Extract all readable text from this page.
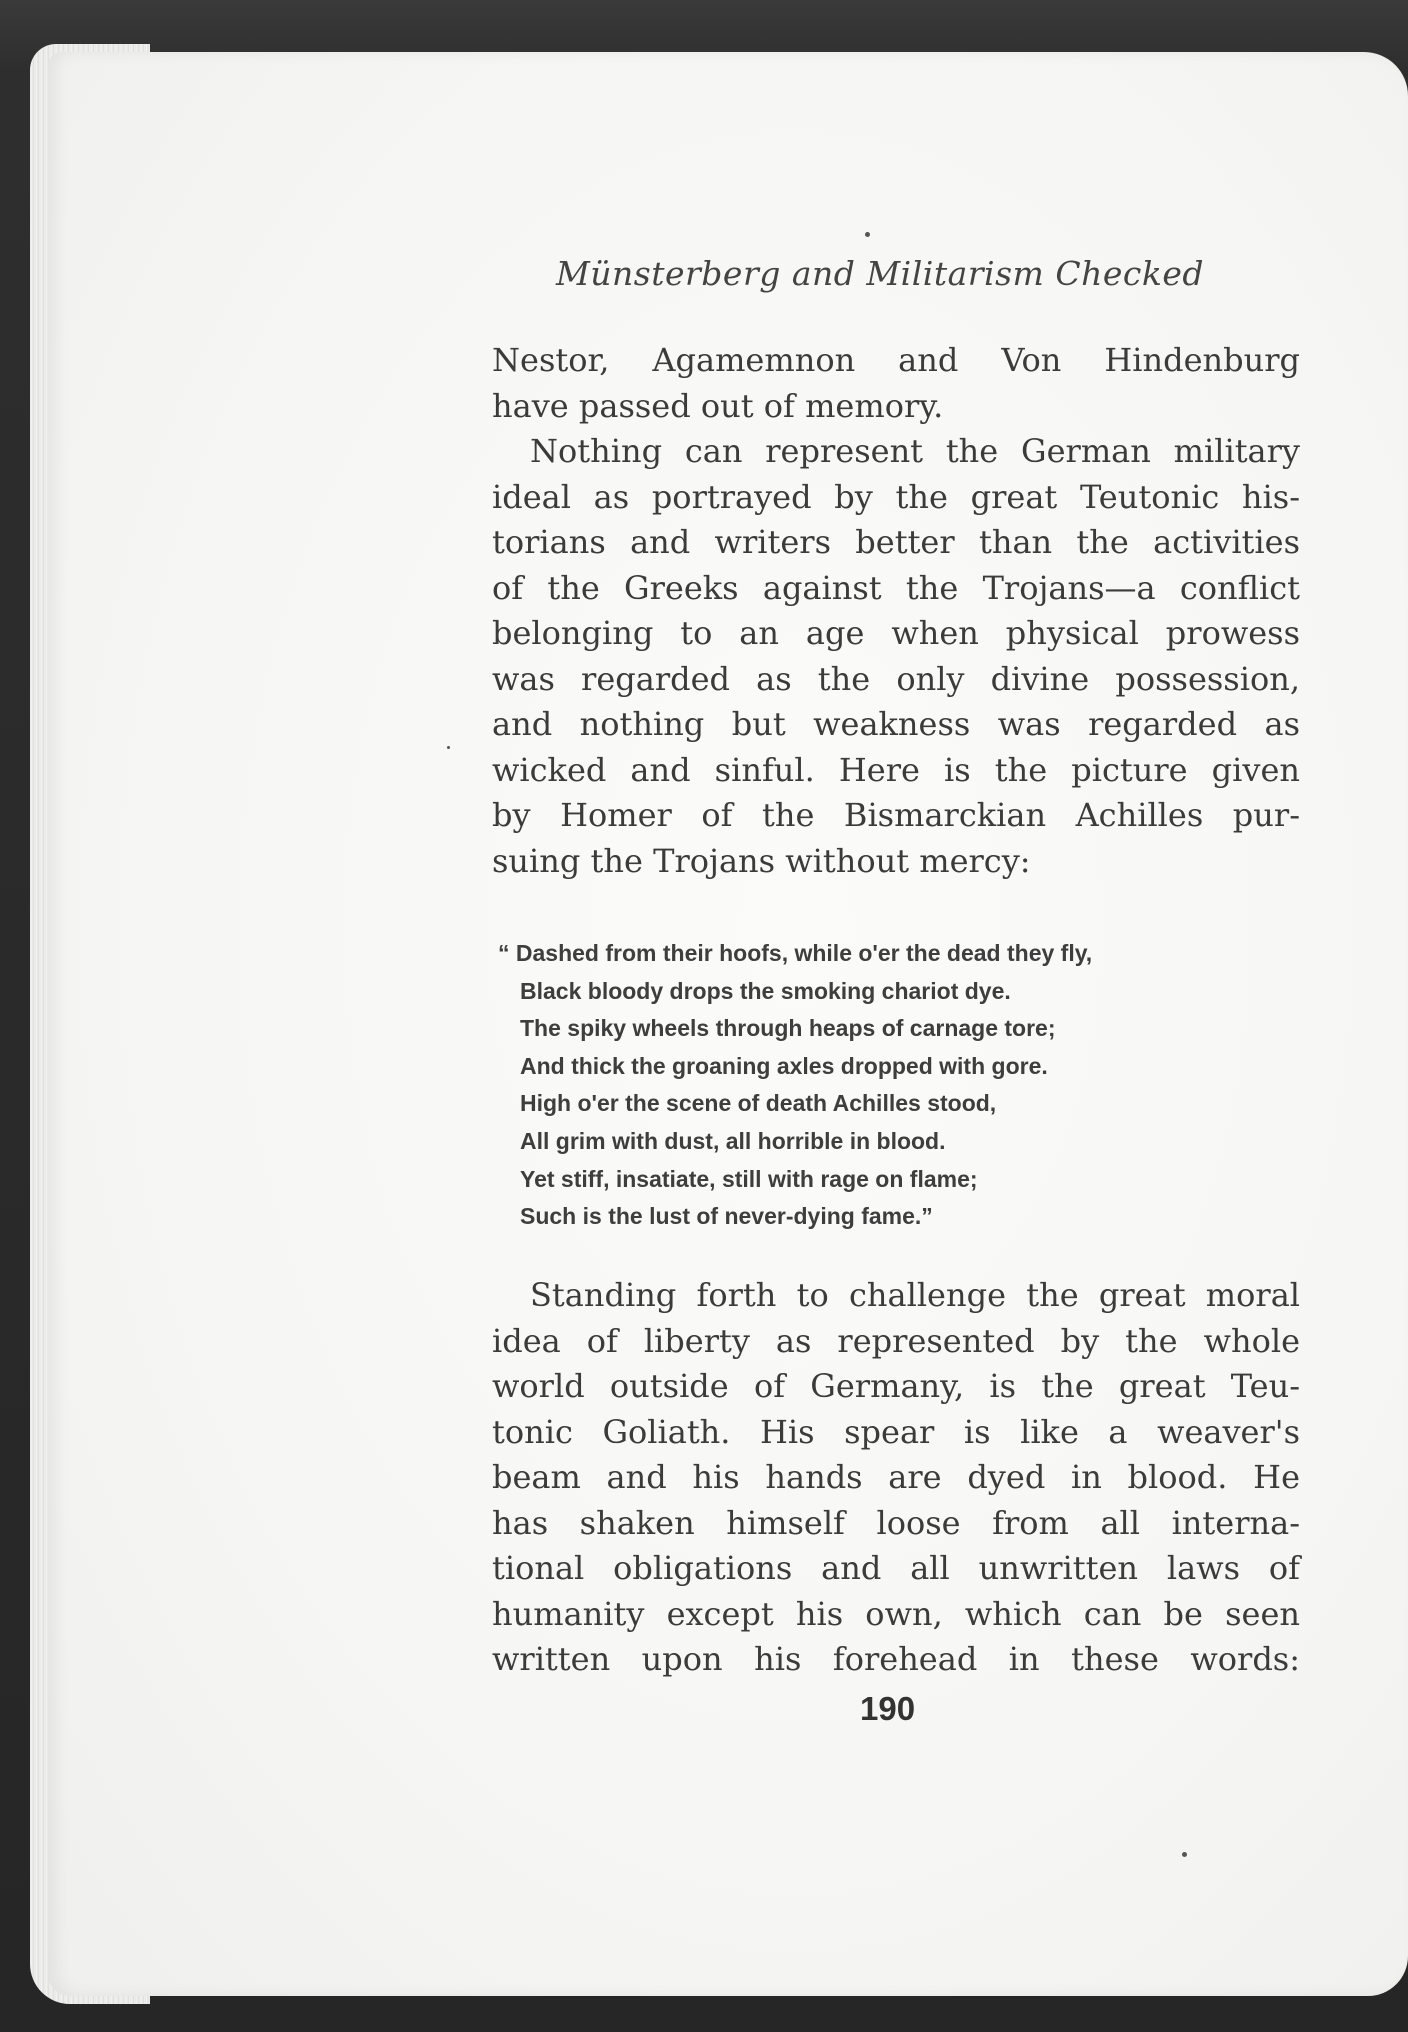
Münsterberg and Militarism Checked
Nestor, Agamemnon and Von Hindenburg
have passed out of memory.
Nothing can represent the German military
ideal as portrayed by the great Teutonic his-
torians and writers better than the activities
of the Greeks against the Trojans—a conflict
belonging to an age when physical prowess
was regarded as the only divine possession,
and nothing but weakness was regarded as
wicked and sinful. Here is the picture given
by Homer of the Bismarckian Achilles pur-
suing the Trojans without mercy:
“ Dashed from their hoofs, while o'er the dead they fly,
Black bloody drops the smoking chariot dye.
The spiky wheels through heaps of carnage tore;
And thick the groaning axles dropped with gore.
High o'er the scene of death Achilles stood,
All grim with dust, all horrible in blood.
Yet stiff, insatiate, still with rage on flame;
Such is the lust of never-dying fame.”
Standing forth to challenge the great moral
idea of liberty as represented by the whole
world outside of Germany, is the great Teu-
tonic Goliath. His spear is like a weaver's
beam and his hands are dyed in blood. He
has shaken himself loose from all interna-
tional obligations and all unwritten laws of
humanity except his own, which can be seen
written upon his forehead in these words:
190
